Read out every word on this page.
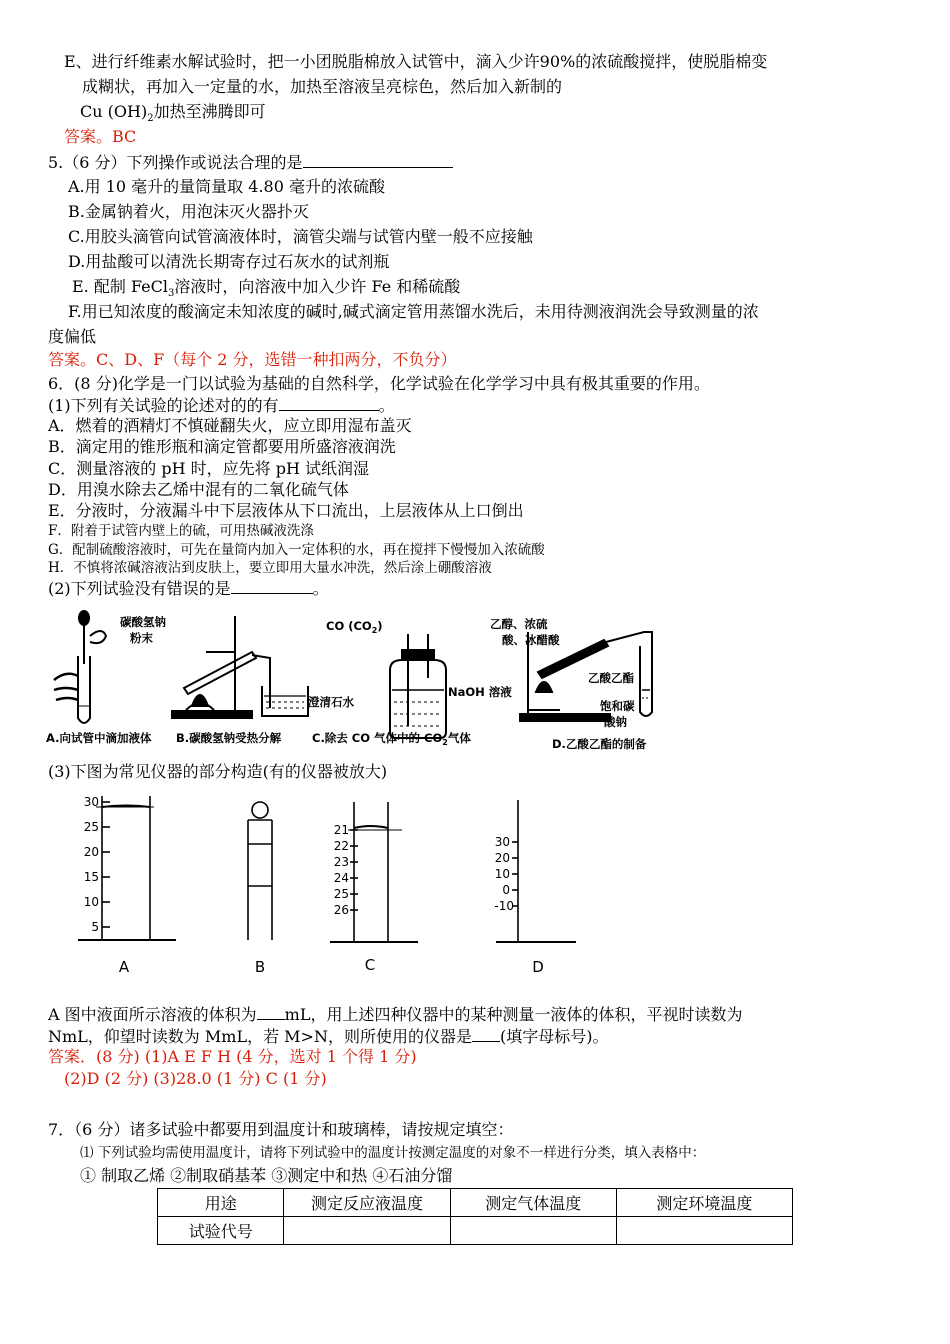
E、进行纤维素水解试验时，把一小团脱脂棉放入试管中，滴入少许90%的浓硫酸搅拌，使脱脂棉变
成糊状，再加入一定量的水，加热至溶液呈亮棕色，然后加入新制的
Cu $(OH)_2$加热至沸腾即可
答案。BC
5.（6 分）下列操作或说法合理的是
A.用 10 毫升的量筒量取 4.80 毫升的浓硫酸
B.金属钠着火，用泡沫灭火器扑灭
C.用胶头滴管向试管滴液体时，滴管尖端与试管内壁一般不应接触
D.用盐酸可以清洗长期寄存过石灰水的试剂瓶
E. 配制 FeCl$_3$溶液时，向溶液中加入少许 Fe 和稀硫酸
F.用已知浓度的酸滴定未知浓度的碱时,碱式滴定管用蒸馏水洗后，未用待测液润洗会导致测量的浓
度偏低
答案。C、D、F（每个 2 分，选错一种扣两分，不负分）
6．(8 分)化学是一门以试验为基础的自然科学，化学试验在化学学习中具有极其重要的作用。
(1)下列有关试验的论述对的的有	。
A．燃着的酒精灯不慎碰翻失火，应立即用湿布盖灭
B．滴定用的锥形瓶和滴定管都要用所盛溶液润洗
C．测量溶液的 pH 时，应先将 pH 试纸润湿
D．用溴水除去乙烯中混有的二氧化硫气体
E．分液时，分液漏斗中下层液体从下口流出，上层液体从上口倒出
F．附着于试管内壁上的硫，可用热碱液洗涤
G．配制硫酸溶液时，可先在量筒内加入一定体积的水，再在搅拌下慢慢加入浓硫酸
H．不慎将浓碱溶液沾到皮肤上，要立即用大量水冲洗，然后涂上硼酸溶液
(2)下列试验没有错误的是	。
碳酸氢钠
粉末
澄清石水
CO $(CO_2)$
NaOH 溶液
乙醇、浓硫
酸、冰醋酸
乙酸乙酯
饱和碳
酸钠
A.向试管中滴加液体 B.碳酸氢钠受热分解	C.除去 CO 气体中的 $CO_2$气体	D.乙酸乙酯的制备
(3)下图为常见仪器的部分构造(有的仪器被放大)
30
25
20
15
10
5
21
22
23
24
25
26
30
20
10
0
-10
A	B	C	D
A 图中液面所示溶液的体积为 mL，用上述四种仪器中的某种测量一液体的体积，平视时读数为
NmL，仰望时读数为 MmL，若 M>N，则所使用的仪器是 (填字母标号)。
答案．(8 分) (1)A E F H (4 分，选对 1 个得 1 分)
(2)D (2 分) (3)28.0 (1 分) C (1 分)
7．（6 分）诸多试验中都要用到温度计和玻璃棒，请按规定填空：
⑴ 下列试验均需使用温度计，请将下列试验中的温度计按测定温度的对象不一样进行分类，填入表格中：
① 制取乙烯 ②制取硝基苯 ③测定中和热 ④石油分馏
用途	测定反应液温度	测定气体温度	测定环境温度
试验代号			
